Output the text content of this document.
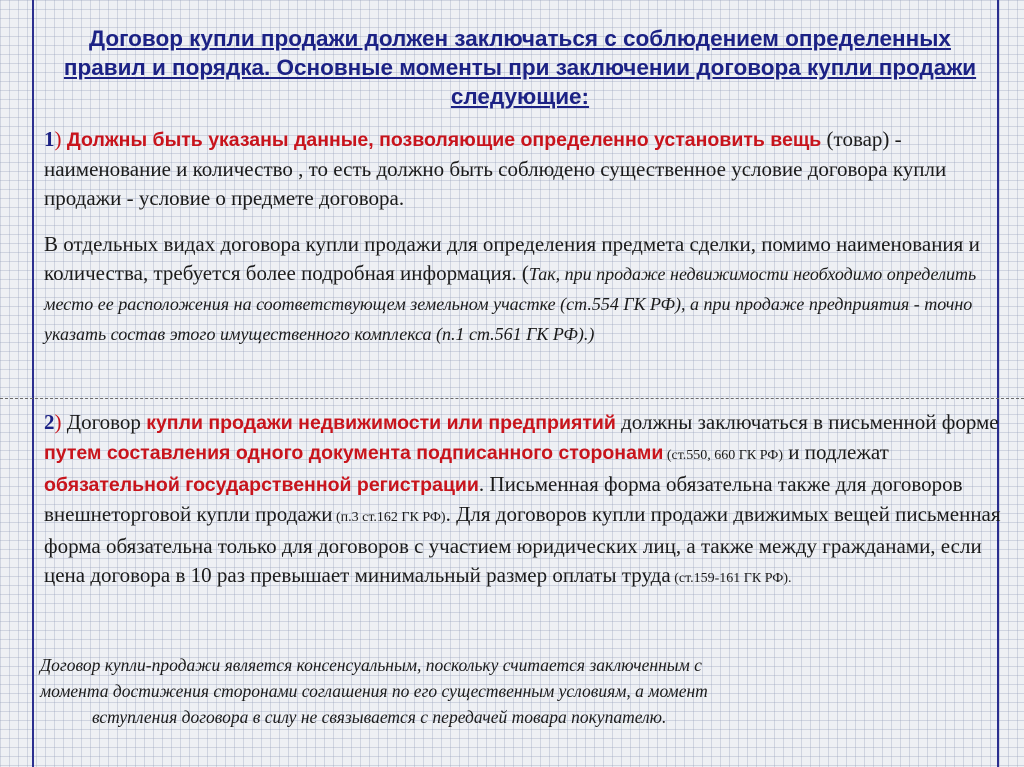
Договор купли продажи должен заключаться с соблюдением определенных правил и порядка. Основные моменты при заключении договора купли продажи следующие:
1) Должны быть указаны данные, позволяющие определенно установить вещь (товар) - наименование и количество , то есть должно быть соблюдено существенное условие договора купли продажи - условие о предмете договора.
В отдельных видах договора купли продажи для определения предмета сделки, помимо наименования и количества, требуется более подробная информация. (Так, при продаже недвижимости необходимо определить место ее расположения на соответствующем земельном участке (ст.554 ГК РФ), а при продаже предприятия - точно указать состав этого имущественного комплекса (п.1 ст.561 ГК РФ).)
2) Договор купли продажи недвижимости или предприятий должны заключаться в письменной форме путем составления одного документа подписанного сторонами (ст.550, 660 ГК РФ) и подлежат обязательной государственной регистрации. Письменная форма обязательна также для договоров внешнеторговой купли продажи (п.3 ст.162 ГК РФ). Для договоров купли продажи движимых вещей письменная форма обязательна только для договоров с участием юридических лиц, а также между гражданами, если цена договора в 10 раз превышает минимальный размер оплаты труда (ст.159-161 ГК РФ).
Договор купли-продажи является консенсуальным, поскольку считается заключенным с
момента достижения сторонами соглашения по его существенным условиям, а момент
вступления договора в силу не связывается с передачей товара покупателю.
